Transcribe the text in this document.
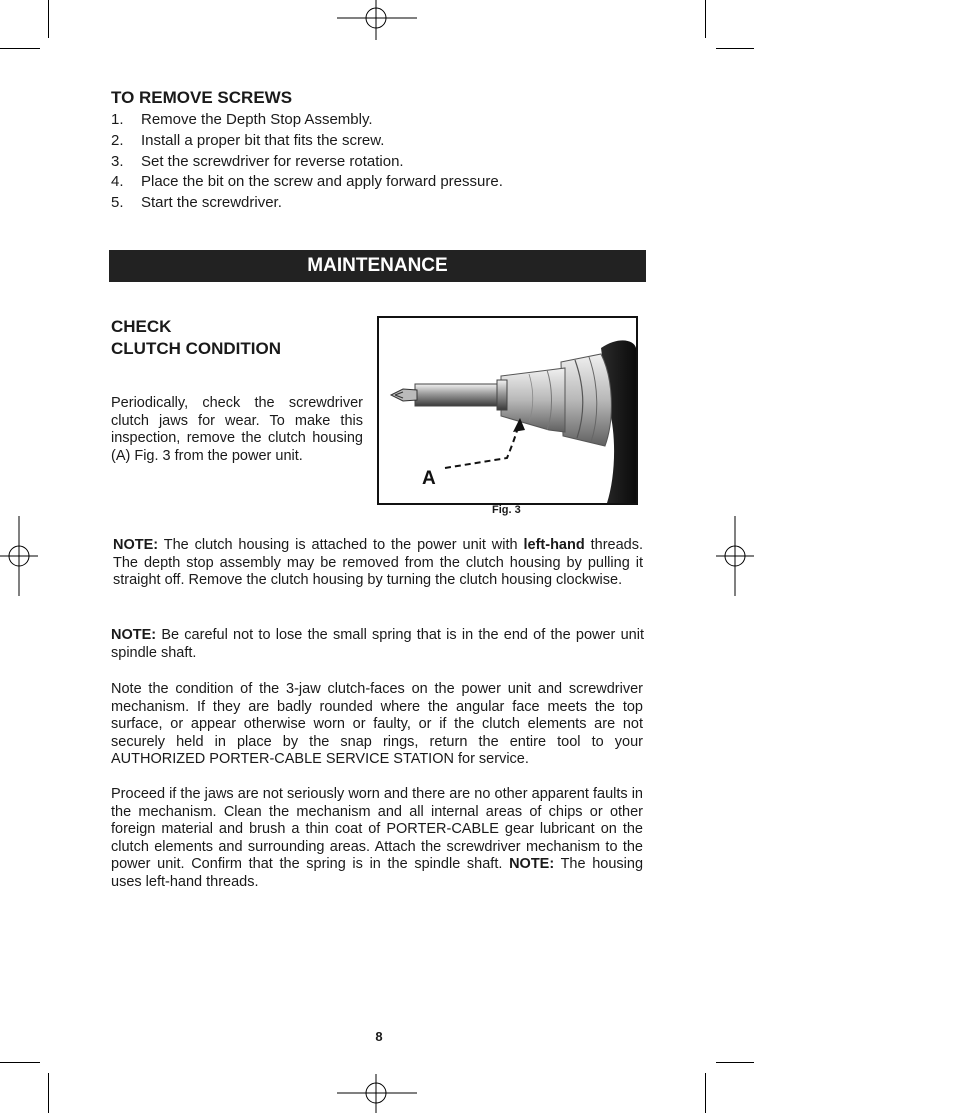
TO REMOVE SCREWS
1.	Remove the Depth Stop Assembly.
2.	Install a proper bit that fits the screw.
3.	Set the screwdriver for reverse rotation.
4.	Place the bit on the screw and apply forward pressure.
5.	Start the screwdriver.
MAINTENANCE
CHECK
CLUTCH CONDITION

Periodically, check the screwdriver clutch jaws for wear. To make this inspection, remove the clutch housing (A) Fig. 3 from the power unit.

A
Fig. 3

NOTE: The clutch housing is attached to the power unit with left-hand threads. The depth stop assembly may be removed from the clutch housing by pulling it straight off. Remove the clutch housing by turning the clutch housing clockwise.

NOTE: Be careful not to lose the small spring that is in the end of the power unit spindle shaft.

Note the condition of the 3-jaw clutch-faces on the power unit and screwdriver mechanism. If they are badly rounded where the angular face meets the top surface, or appear otherwise worn or faulty, or if the clutch elements are not securely held in place by the snap rings, return the entire tool to your AUTHORIZED PORTER-CABLE SERVICE STATION for service.

Proceed if the jaws are not seriously worn and there are no other apparent faults in the mechanism. Clean the mechanism and all internal areas of chips or other foreign material and brush a thin coat of PORTER-CABLE gear lubricant on the clutch elements and surrounding areas. Attach the screwdriver mechanism to the power unit. Confirm that the spring is in the spindle shaft. NOTE: The housing uses left-hand threads.

8
